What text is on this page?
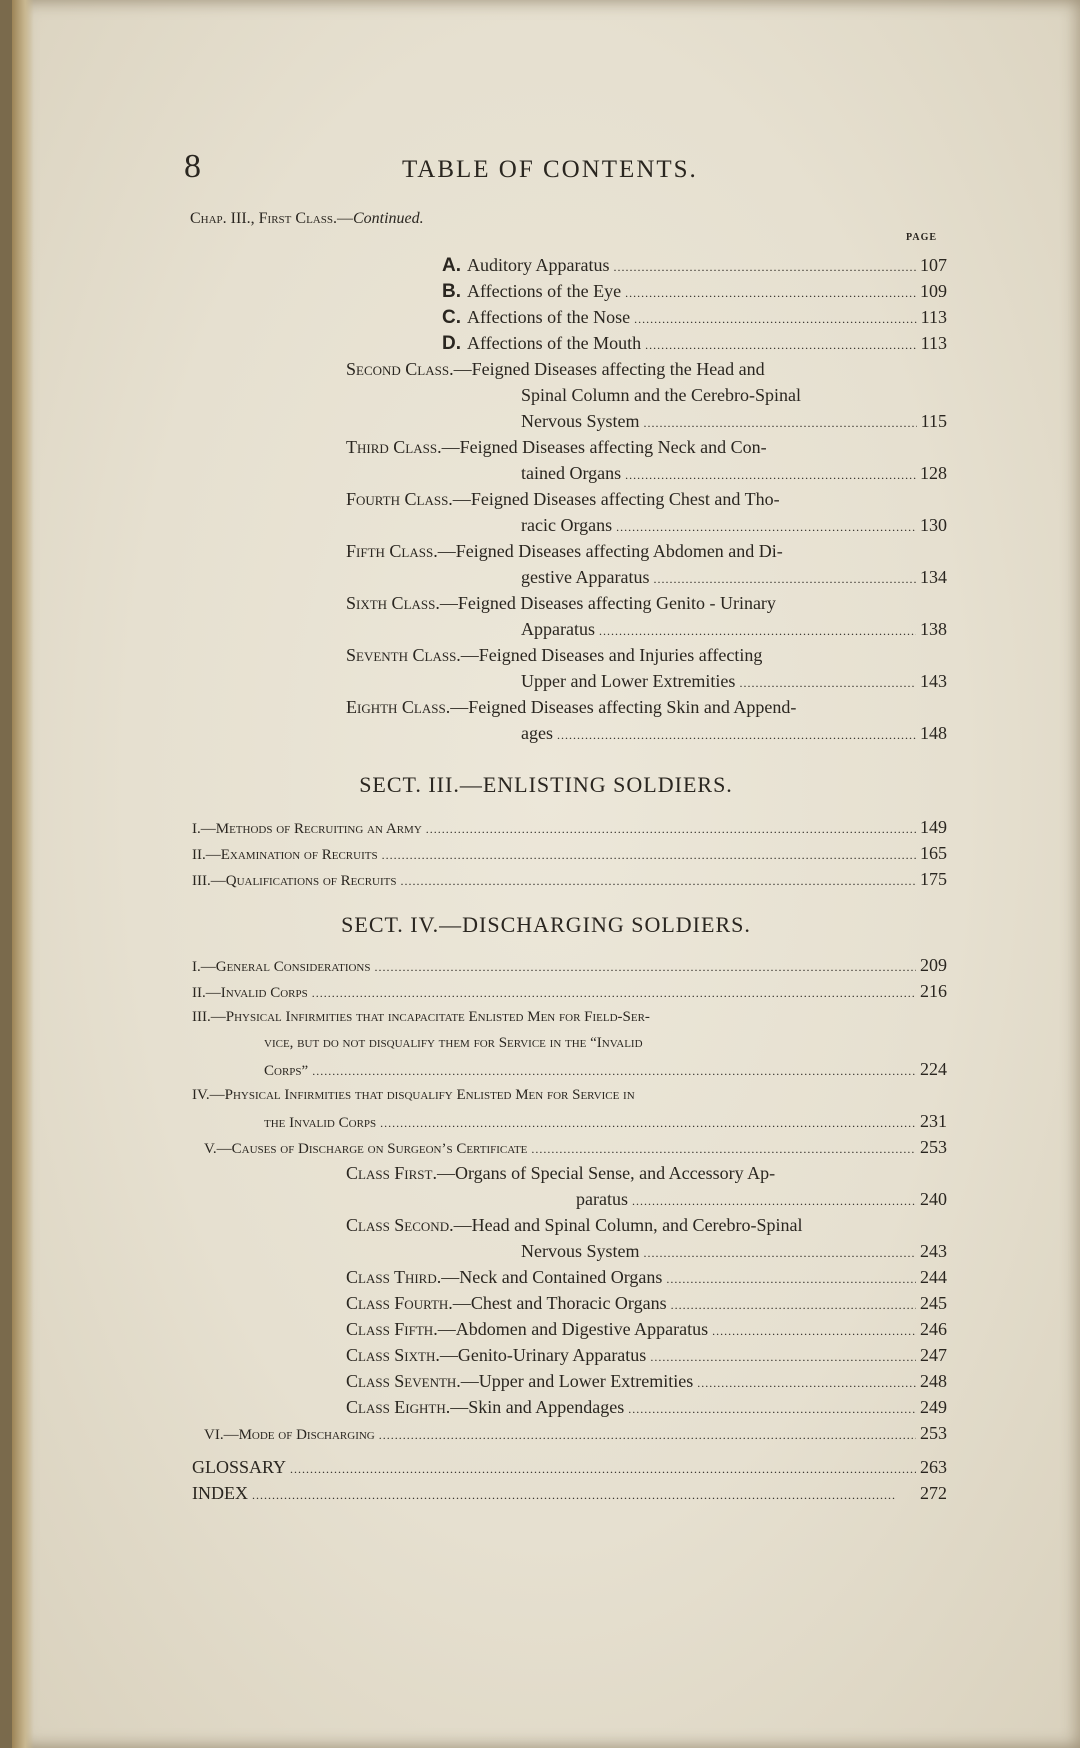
8	TABLE OF CONTENTS.
Chap. III., First Class.—Continued.
PAGE
A. Auditory Apparatus . . .	107
B. Affections of the Eye . . .	109
C. Affections of the Nose . . .	113
D. Affections of the Mouth . . .	113
Second Class.—Feigned Diseases affecting the Head and
Spinal Column and the Cerebro-Spinal
Nervous System . . .	115
Third Class.—Feigned Diseases affecting Neck and Con-
tained Organs . . .	128
Fourth Class.—Feigned Diseases affecting Chest and Tho-
racic Organs . . .	130
Fifth Class.—Feigned Diseases affecting Abdomen and Di-
gestive Apparatus . . .	134
Sixth Class.—Feigned Diseases affecting Genito - Urinary
Apparatus . . .	138
Seventh Class.—Feigned Diseases and Injuries affecting
Upper and Lower Extremities . . .	143
Eighth Class.—Feigned Diseases affecting Skin and Append-
ages . . .	148
SECT. III.—ENLISTING SOLDIERS.
I.—Methods of Recruiting an Army . . .	149
II.—Examination of Recruits . . .	165
III.—Qualifications of Recruits . . .	175
SECT. IV.—DISCHARGING SOLDIERS.
I.—General Considerations . . .	209
II.—Invalid Corps . . .	216
III.—Physical Infirmities that incapacitate Enlisted Men for Field-Ser-
vice, but do not disqualify them for Service in the “Invalid
Corps” . . .	224
IV.—Physical Infirmities that disqualify Enlisted Men for Service in
the Invalid Corps . . .	231
V.—Causes of Discharge on Surgeon’s Certificate . . .	253
Class First.—Organs of Special Sense, and Accessory Ap-
paratus . . .	240
Class Second.—Head and Spinal Column, and Cerebro-Spinal
Nervous System . . .	243
Class Third.— Neck and Contained Organs . . .	244
Class Fourth.— Chest and Thoracic Organs . . .	245
Class Fifth.— Abdomen and Digestive Apparatus . . .	246
Class Sixth.— Genito-Urinary Apparatus . . .	247
Class Seventh.— Upper and Lower Extremities . . .	248
Class Eighth.— Skin and Appendages . . .	249
VI.—Mode of Discharging . . .	253
GLOSSARY . . .	263
INDEX . . .	272
